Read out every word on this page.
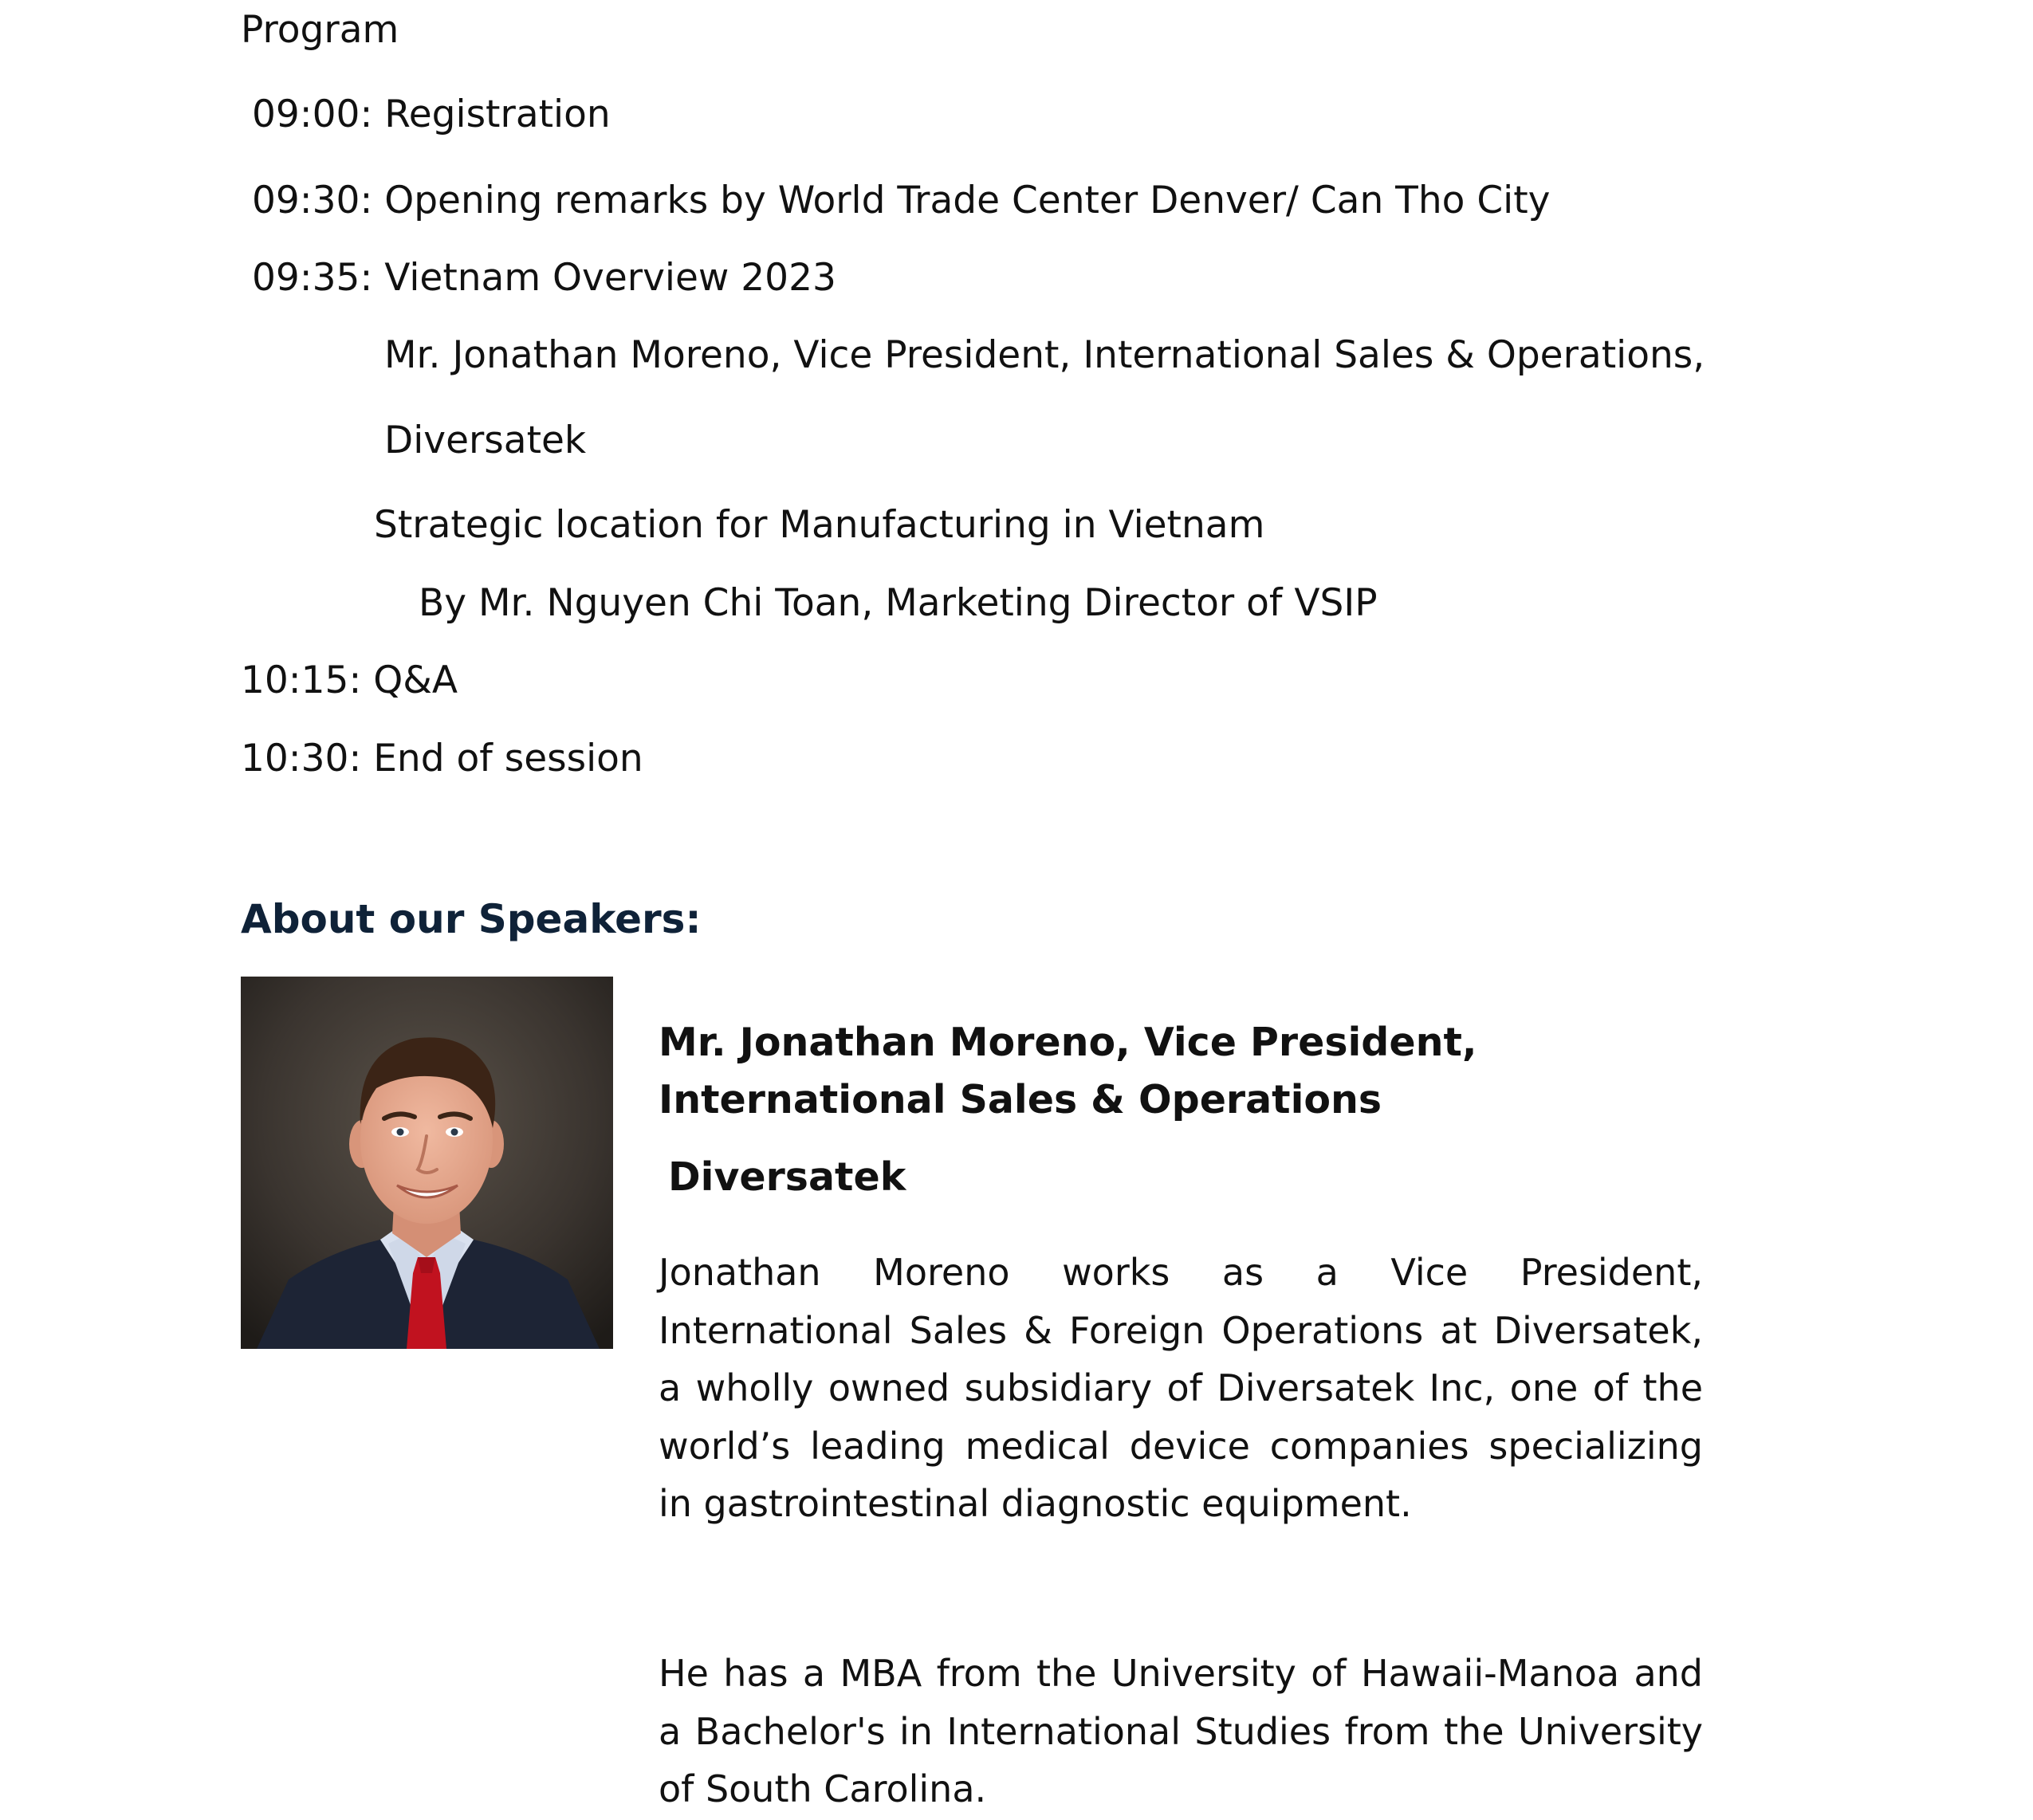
Program
09:00: Registration
09:30: Opening remarks by World Trade Center Denver/ Can Tho City
09:35: Vietnam Overview 2023
Mr. Jonathan Moreno, Vice President, International Sales & Operations,
Diversatek
Strategic location for Manufacturing in Vietnam
By Mr. Nguyen Chi Toan, Marketing Director of VSIP
10:15: Q&A
10:30: End of session
About our Speakers:
Mr. Jonathan Moreno, Vice President, International Sales & Operations
Diversatek
Jonathan Moreno works as a Vice President, International Sales & Foreign Operations at Diversatek, a wholly owned subsidiary of Diversatek Inc, one of the world’s leading medical device companies specializing in gastrointestinal diagnostic equipment.
He has a MBA from the University of Hawaii-Manoa and a Bachelor's in International Studies from the University of South Carolina.
